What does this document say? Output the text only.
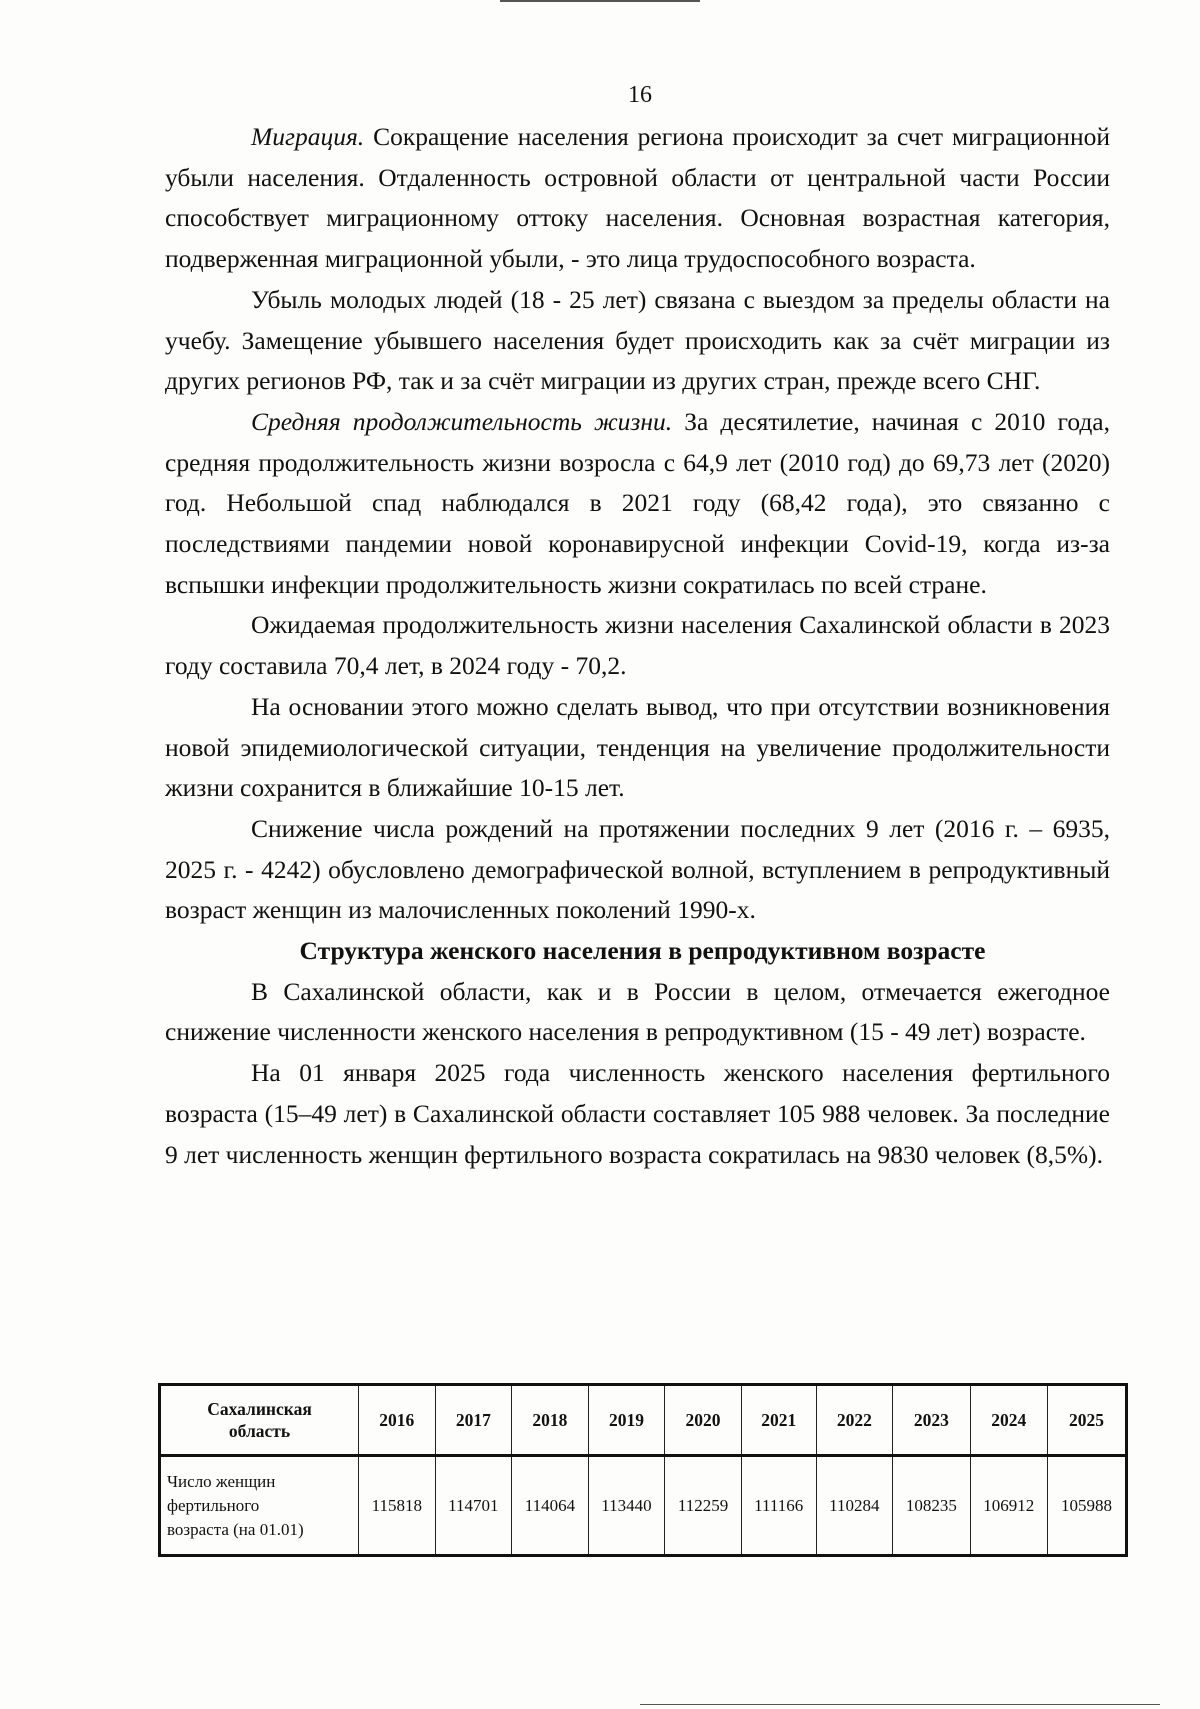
16

Миграция. Сокращение населения региона происходит за счет миграционной убыли населения. Отдаленность островной области от центральной части России способствует миграционному оттоку населения. Основная возрастная категория, подверженная миграционной убыли, - это лица трудоспособного возраста.

Убыль молодых людей (18 - 25 лет) связана с выездом за пределы области на учебу. Замещение убывшего населения будет происходить как за счёт миграции из других регионов РФ, так и за счёт миграции из других стран, прежде всего СНГ.

Средняя продолжительность жизни. За десятилетие, начиная с 2010 года, средняя продолжительность жизни возросла с 64,9 лет (2010 год) до 69,73 лет (2020) год. Небольшой спад наблюдался в 2021 году (68,42 года), это связанно с последствиями пандемии новой коронавирусной инфекции Covid-19, когда из-за вспышки инфекции продолжительность жизни сократилась по всей стране.

Ожидаемая продолжительность жизни населения Сахалинской области в 2023 году составила 70,4 лет, в 2024 году - 70,2.

На основании этого можно сделать вывод, что при отсутствии возникновения новой эпидемиологической ситуации, тенденция на увеличение продолжительности жизни сохранится в ближайшие 10-15 лет.

Снижение числа рождений на протяжении последних 9 лет (2016 г. – 6935, 2025 г. - 4242) обусловлено демографической волной, вступлением в репродуктивный возраст женщин из малочисленных поколений 1990-х.

Структура женского населения в репродуктивном возрасте

В Сахалинской области, как и в России в целом, отмечается ежегодное снижение численности женского населения в репродуктивном (15 - 49 лет) возрасте.

На 01 января 2025 года численность женского населения фертильного возраста (15–49 лет) в Сахалинской области составляет 105 988 человек. За последние 9 лет численность женщин фертильного возраста сократилась на 9830 человек (8,5%).

Сахалинская
область	2016	2017	2018	2019	2020	2021	2022	2023	2024	2025

Число женщин
фертильного
возраста (на 01.01)	115818	114701	114064	113440	112259	111166	110284	108235	106912	105988
